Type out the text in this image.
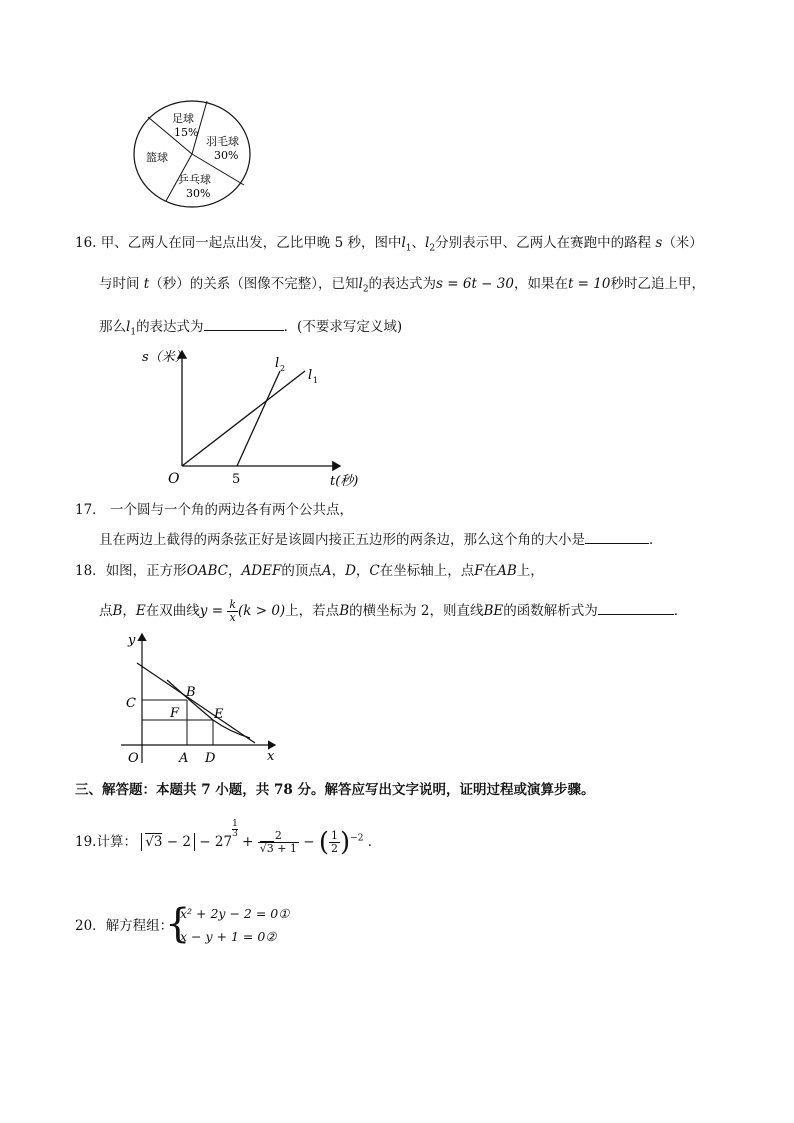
足球
15%
羽毛球
30%
乒乓球
30%
篮球
16. 甲、乙两人在同一起点出发，乙比甲晚 5 秒，图中$l_1$、$l_2$分别表示甲、乙两人在赛跑中的路程 s（米）
与时间 t（秒）的关系（图像不完整），已知$l_2$的表达式为s = 6t − 30，如果在t = 10秒时乙追上甲，
那么$l_1$的表达式为	．(不要求写定义域)
s（米）
O	5	t(秒)
l 2 l 1
17． 一个圆与一个角的两边各有两个公共点，
且在两边上截得的两条弦正好是该圆内接正五边形的两条边，那么这个角的大小是	．
18．如图，正方形OABC，ADEF的顶点A，D，C在坐标轴上，点F在AB上，
点B，E在双曲线$y = \frac{k}{x} (k > 0)$上，若点B的横坐标为 2，则直线BE的函数解析式为	．
y
x
O	A D
C
B
F	E
三、解答题：本题共 7 小题，共 78 分。解答应写出文字说明，证明过程或演算步骤。
19.计算： √3 − 2 − 27
$^{\frac{1}{3}}$
+ $\frac{2}{√3 + 1}$ − ( $\frac{1}{2} )^{-2}$ ．
20．解方程组：
{
x² + 2y − 2 = 0①
x − y + 1 = 0②
